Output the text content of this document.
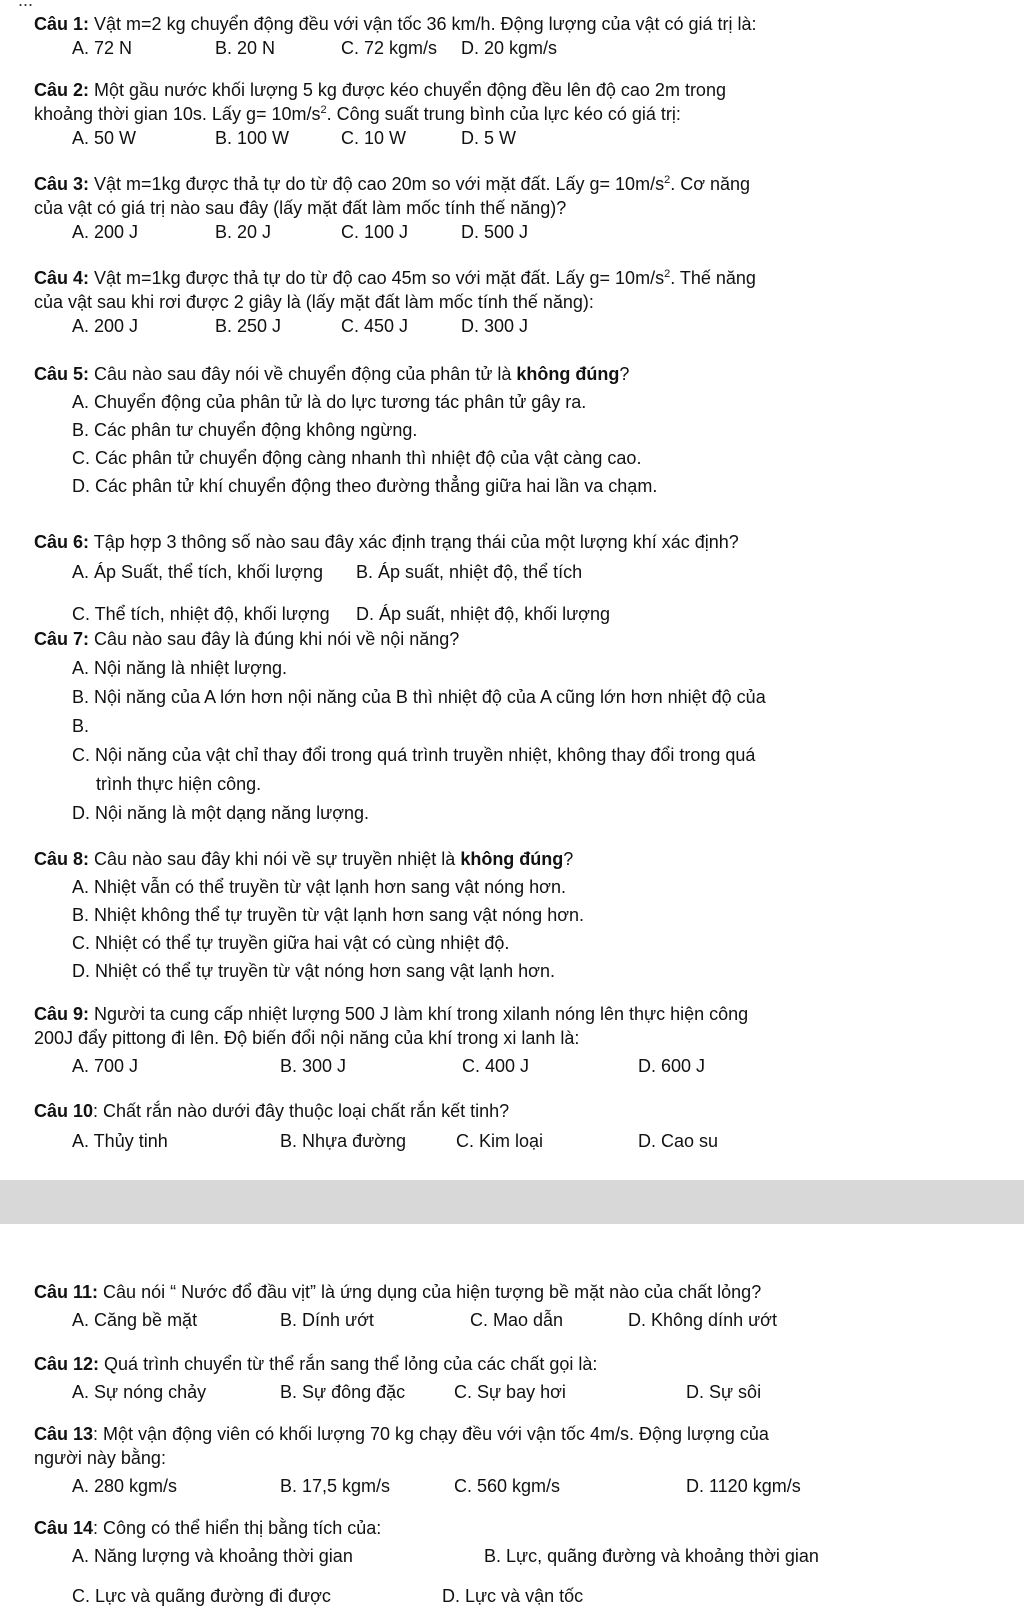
...
Câu 1: Vật m=2 kg chuyển động đều với vận tốc 36 km/h. Động lượng của vật có giá trị là:
A. 72 N	B. 20 N	C. 72 kgm/s	D. 20 kgm/s
Câu 2: Một gầu nước khối lượng 5 kg được kéo chuyển động đều lên độ cao 2m trong
khoảng thời gian 10s. Lấy $g= 10m/s^2$. Công suất trung bình của lực kéo có giá trị:
A. 50 W	B. 100 W	C. 10 W	D. 5 W
Câu 3: Vật m=1kg được thả tự do từ độ cao 20m so với mặt đất. Lấy $g= 10m/s^2$. Cơ năng
của vật có giá trị nào sau đây (lấy mặt đất làm mốc tính thế năng)?
A. 200 J	B. 20 J	C. 100 J	D. 500 J
Câu 4: Vật m=1kg được thả tự do từ độ cao 45m so với mặt đất. Lấy $g= 10m/s^2$. Thế năng
của vật sau khi rơi được 2 giây là (lấy mặt đất làm mốc tính thế năng):
A. 200 J	B. 250 J	C. 450 J	D. 300 J
Câu 5: Câu nào sau đây nói về chuyển động của phân tử là không đúng?
A. Chuyển động của phân tử là do lực tương tác phân tử gây ra.
B. Các phân tư chuyển động không ngừng.
C. Các phân tử chuyển động càng nhanh thì nhiệt độ của vật càng cao.
D. Các phân tử khí chuyển động theo đường thẳng giữa hai lần va chạm.
Câu 6: Tập hợp 3 thông số nào sau đây xác định trạng thái của một lượng khí xác định?
A. Áp Suất, thể tích, khối lượng	B. Áp suất, nhiệt độ, thể tích
C. Thể tích, nhiệt độ, khối lượng	D. Áp suất, nhiệt độ, khối lượng
Câu 7: Câu nào sau đây là đúng khi nói về nội năng?
A. Nội năng là nhiệt lượng.
B. Nội năng của A lớn hơn nội năng của B thì nhiệt độ của A cũng lớn hơn nhiệt độ của
B.
C. Nội năng của vật chỉ thay đổi trong quá trình truyền nhiệt, không thay đổi trong quá
trình thực hiện công.
D. Nội năng là một dạng năng lượng.
Câu 8: Câu nào sau đây khi nói về sự truyền nhiệt là không đúng?
A. Nhiệt vẫn có thể truyền từ vật lạnh hơn sang vật nóng hơn.
B. Nhiệt không thể tự truyền từ vật lạnh hơn sang vật nóng hơn.
C. Nhiệt có thể tự truyền giữa hai vật có cùng nhiệt độ.
D. Nhiệt có thể tự truyền từ vật nóng hơn sang vật lạnh hơn.
Câu 9: Người ta cung cấp nhiệt lượng 500 J làm khí trong xilanh nóng lên thực hiện công
200J đẩy pittong đi lên. Độ biến đổi nội năng của khí trong xi lanh là:
A. 700 J	B. 300 J	C. 400 J	D. 600 J
Câu 10: Chất rắn nào dưới đây thuộc loại chất rắn kết tinh?
A. Thủy tinh	B. Nhựa đường	C. Kim loại	D. Cao su
Câu 11: Câu nói “ Nước đổ đầu vịt” là ứng dụng của hiện tượng bề mặt nào của chất lỏng?
A. Căng bề mặt	B. Dính ướt	C. Mao dẫn	D. Không dính ướt
Câu 12: Quá trình chuyển từ thể rắn sang thể lỏng của các chất gọi là:
A. Sự nóng chảy	B. Sự đông đặc	C. Sự bay hơi	D. Sự sôi
Câu 13: Một vận động viên có khối lượng 70 kg chạy đều với vận tốc 4m/s. Động lượng của
người này bằng:
A. 280 kgm/s	B. 17,5 kgm/s	C. 560 kgm/s	D. 1120 kgm/s
Câu 14: Công có thể hiển thị bằng tích của:
A. Năng lượng và khoảng thời gian	B. Lực, quãng đường và khoảng thời gian
C. Lực và quãng đường đi được	D. Lực và vận tốc
